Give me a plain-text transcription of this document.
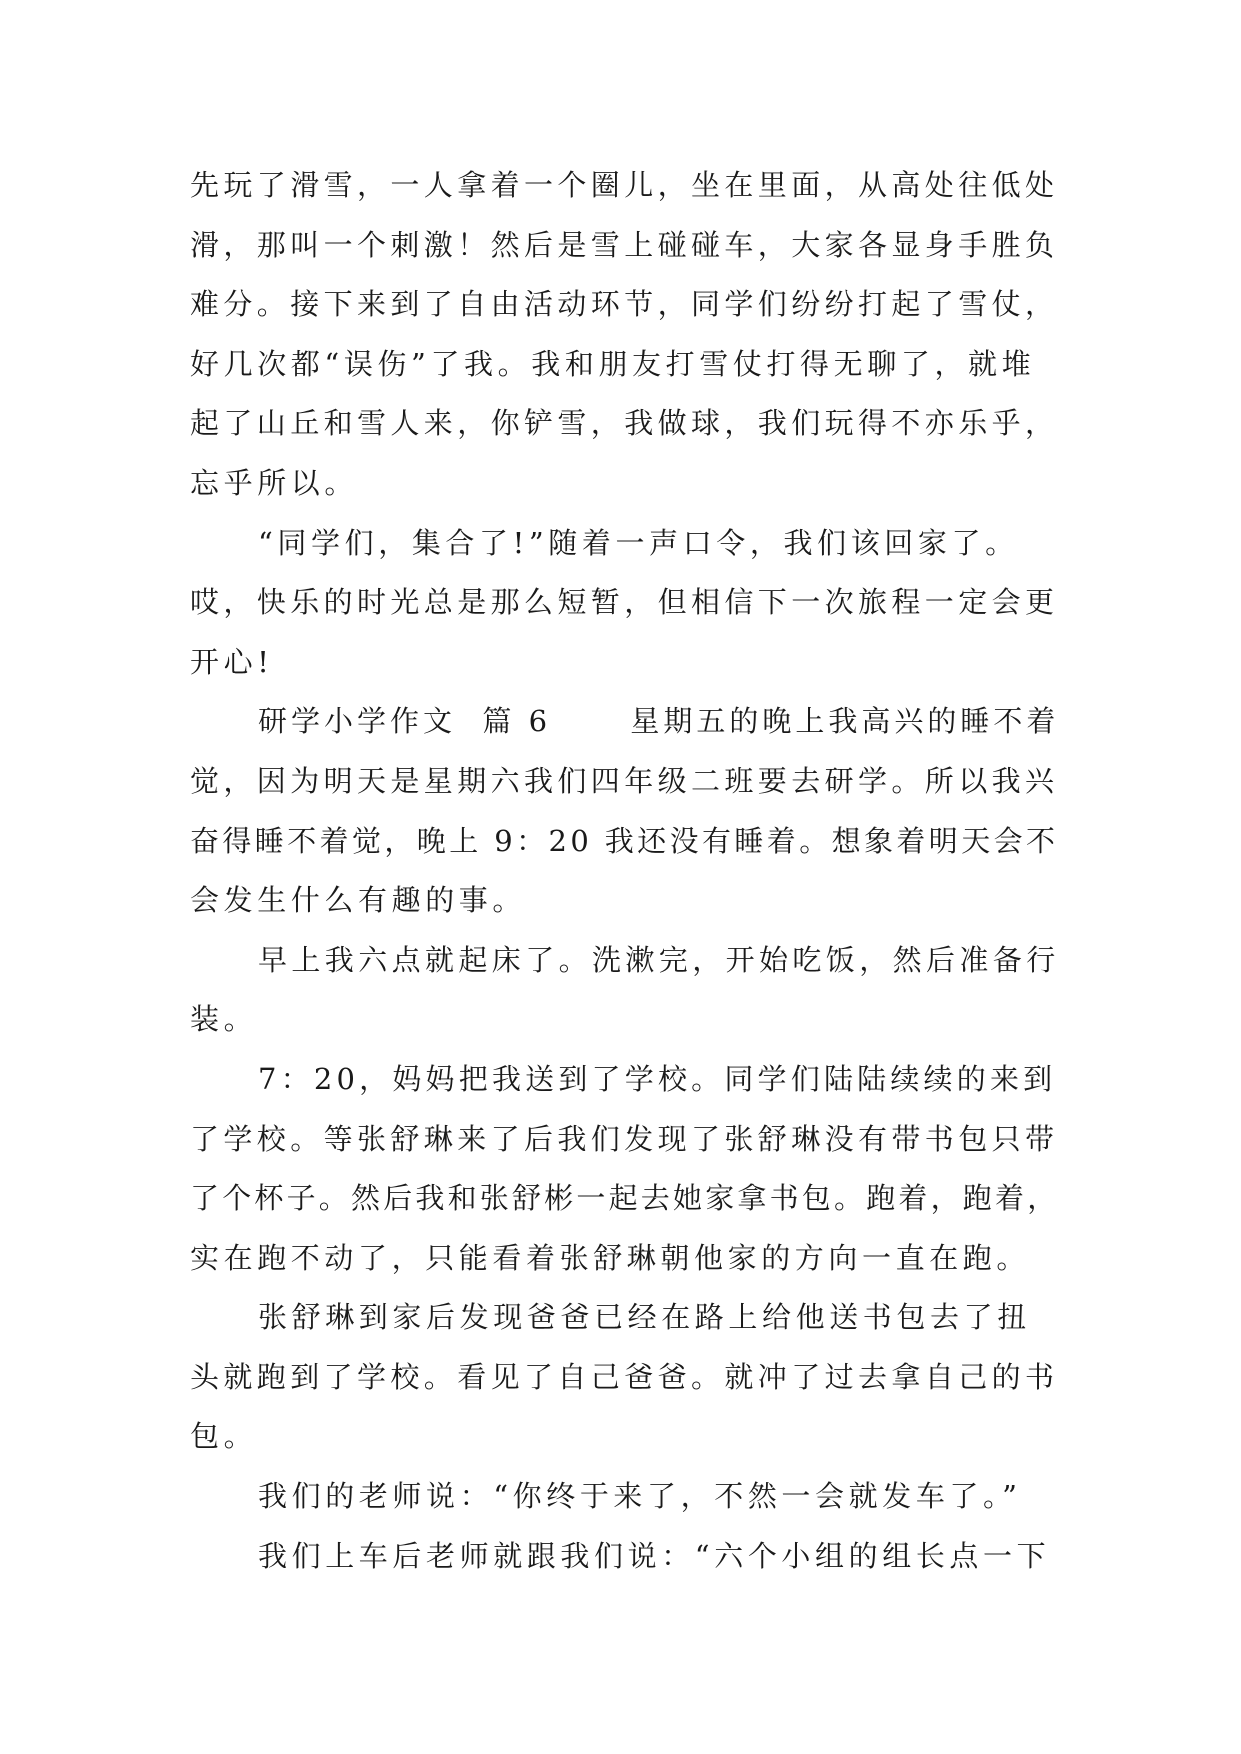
先玩了滑雪，一人拿着一个圈儿，坐在里面，从高处往低处
滑，那叫一个刺激！然后是雪上碰碰车，大家各显身手胜负
难分。接下来到了自由活动环节，同学们纷纷打起了雪仗，
好几次都“误伤”了我。我和朋友打雪仗打得无聊了，就堆
起了山丘和雪人来，你铲雪，我做球，我们玩得不亦乐乎，
忘乎所以。
“同学们，集合了!”随着一声口令，我们该回家了。
哎，快乐的时光总是那么短暂，但相信下一次旅程一定会更
开心!
研学小学作文  篇 6      星期五的晚上我高兴的睡不着
觉，因为明天是星期六我们四年级二班要去研学。所以我兴
奋得睡不着觉，晚上 9：20 我还没有睡着。想象着明天会不
会发生什么有趣的事。
早上我六点就起床了。洗漱完，开始吃饭，然后准备行
装。
7：20，妈妈把我送到了学校。同学们陆陆续续的来到
了学校。等张舒琳来了后我们发现了张舒琳没有带书包只带
了个杯子。然后我和张舒彬一起去她家拿书包。跑着，跑着，
实在跑不动了，只能看着张舒琳朝他家的方向一直在跑。
张舒琳到家后发现爸爸已经在路上给他送书包去了扭
头就跑到了学校。看见了自己爸爸。就冲了过去拿自己的书
包。
我们的老师说：“你终于来了，不然一会就发车了。”
我们上车后老师就跟我们说：“六个小组的组长点一下
